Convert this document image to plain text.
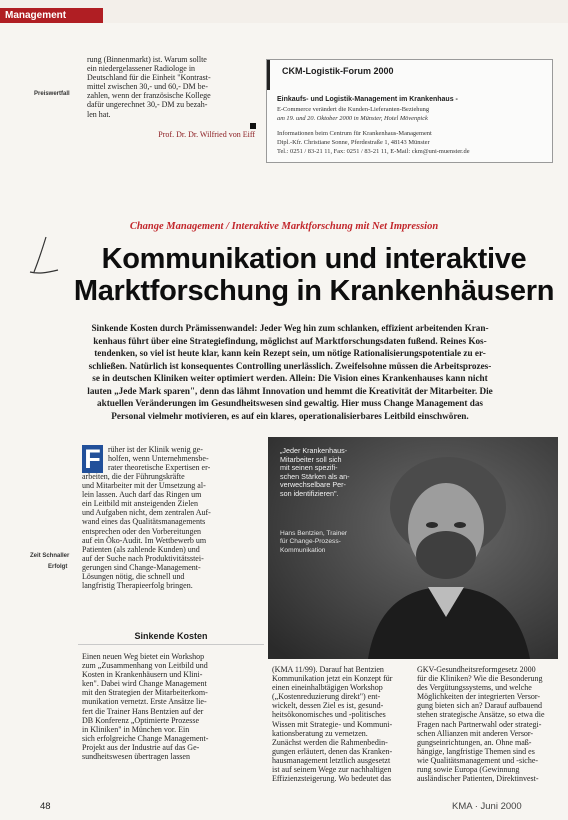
Management
Preiswertfall
Zeit Schnaller
Erfolgt
rung (Binnenmarkt) ist. Warum sollte
ein niedergelassener Radiologe in
Deutschland für die Einheit "Kontrast-
mittel zwischen 30,- und 60,- DM be-
zahlen, wenn der französische Kollege
dafür ungerechnet 30,- DM zu bezah-
len hat.
Prof. Dr. Dr. Wilfried von Eiff
CKM-Logistik-Forum 2000
Einkaufs- und Logistik-Management im Krankenhaus -
E-Commerce verändert die Kunden-Lieferanten-Beziehung
am 19. und 20. Oktober 2000 in Münster, Hotel Mövenpick
Informationen beim Centrum für Krankenhaus-Management
Dipl.-Kfr. Christiane Sonne, Pferdestraße 1, 48143 Münster
Tel.: 0251 / 83-21 11, Fax: 0251 / 83-21 11, E-Mail: ckm@uni-muenster.de
Change Management / Interaktive Marktforschung mit Net Impression
Kommunikation und interaktive
Marktforschung in Krankenhäusern
Sinkende Kosten durch Prämissenwandel: Jeder Weg hin zum schlanken, effizient arbeitenden Kran-
kenhaus führt über eine Strategiefindung, möglichst auf Marktforschungsdaten fußend. Reines Kos-
tendenken, so viel ist heute klar, kann kein Rezept sein, um nötige Rationalisierungspotentiale zu er-
schließen. Natürlich ist konsequentes Controlling unerlässlich. Zweifelsohne müssen die Arbeitsprozes-
se in deutschen Kliniken weiter optimiert werden. Allein: Die Vision eines Krankenhauses kann nicht
lauten „Jede Mark sparen", denn das lähmt Innovation und hemmt die Kreativität der Mitarbeiter. Die
aktuellen Veränderungen im Gesundheitswesen sind gewaltig. Hier muss Change Management das
Personal vielmehr motivieren, es auf ein klares, operationalisierbares Leitbild einschwören.
F rüher ist der Klinik wenig ge-
holfen, wenn Unternehmensbe-
rater theoretische Expertisen er-
arbeiten, die der Führungskräfte
und Mitarbeiter mit der Umsetzung al-
lein lassen. Auch darf das Ringen um
ein Leitbild mit ansteigenden Zielen
und Aufgaben nicht, dem zentralen Auf-
wand eines das Qualitätsmanagements
entsprechen oder den Vorbereitungen
auf ein Öko-Audit. Im Wettbewerb um
Patienten (als zahlende Kunden) und
auf der Suche nach Produktivitätsstei-
gerungen sind Change-Management-
Lösungen nötig, die schnell und
langfristig Therapieerfolg bringen.
„Jeder Krankenhaus-
Mitarbeiter soll sich
mit seinen spezifi-
schen Stärken als an-
verwechselbare Per-
son identifizieren".
Hans Bentzien, Trainer
für Change-Prozess-
Kommunikation
Sinkende Kosten
Einen neuen Weg bietet ein Workshop
zum „Zusammenhang von Leitbild und
Kosten in Krankenhäusern und Klini-
ken". Dabei wird Change Management
mit den Strategien der Mitarbeiterkom-
munikation vernetzt. Erste Ansätze lie-
fert die Trainer Hans Bentzien auf der
DB Konferenz „Optimierte Prozesse
in Kliniken" in München vor. Ein
sich erfolgreiche Change Management-
Projekt aus der Industrie auf das Ge-
sundheitswesen übertragen lassen
(KMA 11/99). Darauf hat Bentzien
Kommunikation jetzt ein Konzept für
einen eineinhalbtägigen Workshop
(„Kostenreduzierung direkt") ent-
wickelt, dessen Ziel es ist, gesund-
heitsökonomisches und -politisches
Wissen mit Strategie- und Kommuni-
kationsberatung zu vernetzen.
Zunächst werden die Rahmenbedin-
gungen erläutert, denen das Kranken-
hausmanagement letztlich ausgesetzt
ist auf seinem Wege zur nachhaltigen
Effizienzsteigerung. Wo bedeutet das
GKV-Gesundheitsreformgesetz 2000
für die Kliniken? Wie die Besonderung
des Vergütungssystems, und welche
Möglichkeiten der integrierten Versor-
gung bieten sich an? Darauf aufbauend
stehen strategische Ansätze, so etwa die
Fragen nach Partnerwahl oder strategi-
schen Allianzen mit anderen Versor-
gungseinrichtungen, an. Ohne maß-
hängige, langfristige Themen sind es
wie Qualitätsmanagement und -siche-
rung sowie Europa (Gewinnung
ausländischer Patienten, Direktinvest-
48	KMA · Juni 2000
